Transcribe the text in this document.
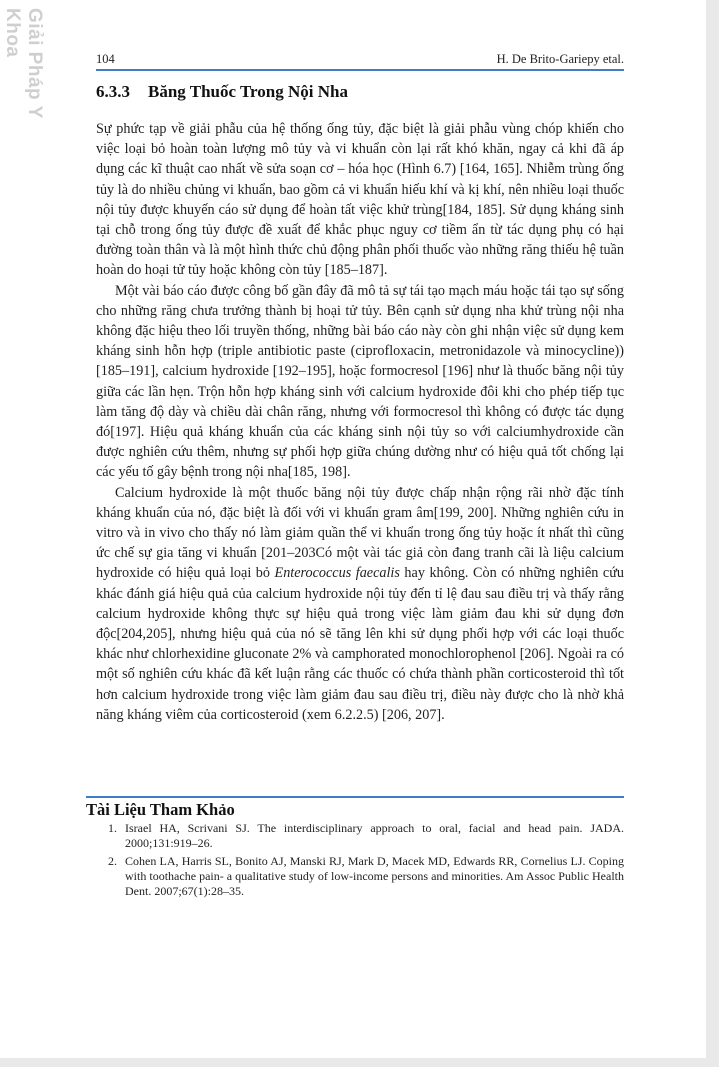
Giải Pháp Y Khoa
104	H. De Brito-Gariepy etal.
6.3.3 Băng Thuốc Trong Nội Nha

Sự phức tạp về giải phẫu của hệ thống ống tủy, đặc biệt là giải phẫu vùng chóp khiến cho việc loại bỏ hoàn toàn lượng mô tủy và vi khuẩn còn lại rất khó khăn, ngay cả khi đã áp dụng các kĩ thuật cao nhất về sửa soạn cơ – hóa học (Hình 6.7) [164, 165]. Nhiễm trùng ống tủy là do nhiều chủng vi khuẩn, bao gồm cả vi khuẩn hiếu khí và kị khí, nên nhiều loại thuốc nội tủy được khuyến cáo sử dụng để hoàn tất việc khử trùng[184, 185]. Sử dụng kháng sinh tại chỗ trong ống tủy được đề xuất để khắc phục nguy cơ tiềm ẩn từ tác dụng phụ có hại đường toàn thân và là một hình thức chủ động phân phối thuốc vào những răng thiếu hệ tuần hoàn do hoại tử tủy hoặc không còn tủy [185–187].

Một vài báo cáo được công bố gần đây đã mô tả sự tái tạo mạch máu hoặc tái tạo sự sống cho những răng chưa trưởng thành bị hoại tử tủy. Bên cạnh sử dụng nha khử trùng nội nha không đặc hiệu theo lối truyền thống, những bài báo cáo này còn ghi nhận việc sử dụng kem kháng sinh hỗn hợp (triple antibiotic paste (ciprofloxacin, metronidazole và minocycline)) [185–191], calcium hydroxide [192–195], hoặc formocresol [196] như là thuốc băng nội tủy giữa các lần hẹn. Trộn hỗn hợp kháng sinh với calcium hydroxide đôi khi cho phép tiếp tục làm tăng độ dày và chiều dài chân răng, nhưng với formocresol thì không có được tác dụng đó[197]. Hiệu quả kháng khuẩn của các kháng sinh nội tủy so với calciumhydroxide cần được nghiên cứu thêm, nhưng sự phối hợp giữa chúng dường như có hiệu quả tốt chống lại các yếu tố gây bệnh trong nội nha[185, 198].

Calcium hydroxide là một thuốc băng nội tủy được chấp nhận rộng rãi nhờ đặc tính kháng khuẩn của nó, đặc biệt là đối với vi khuẩn gram âm[199, 200]. Những nghiên cứu in vitro và in vivo cho thấy nó làm giảm quần thể vi khuẩn trong ống tủy hoặc ít nhất thì cũng ức chế sự gia tăng vi khuẩn [201–203Có một vài tác giả còn đang tranh cãi là liệu calcium hydroxide có hiệu quả loại bỏ Enterococcus faecalis hay không. Còn có những nghiên cứu khác đánh giá hiệu quả của calcium hydroxide nội tủy đến tỉ lệ đau sau điều trị và thấy rằng calcium hydroxide không thực sự hiệu quả trong việc làm giảm đau khi sử dụng đơn độc[204,205], nhưng hiệu quả của nó sẽ tăng lên khi sử dụng phối hợp với các loại thuốc khác như chlorhexidine gluconate 2% và camphorated monochlorophenol [206]. Ngoài ra có một số nghiên cứu khác đã kết luận rằng các thuốc có chứa thành phần corticosteroid thì tốt hơn calcium hydroxide trong việc làm giảm đau sau điều trị, điều này được cho là nhờ khả năng kháng viêm của corticosteroid (xem 6.2.2.5) [206, 207].

Tài Liệu Tham Khảo
1. Israel HA, Scrivani SJ. The interdisciplinary approach to oral, facial and head pain. JADA. 2000;131:919–26.
2. Cohen LA, Harris SL, Bonito AJ, Manski RJ, Mark D, Macek MD, Edwards RR, Cornelius LJ. Coping with toothache pain- a qualitative study of low-income persons and minorities. Am Assoc Public Health Dent. 2007;67(1):28–35.
